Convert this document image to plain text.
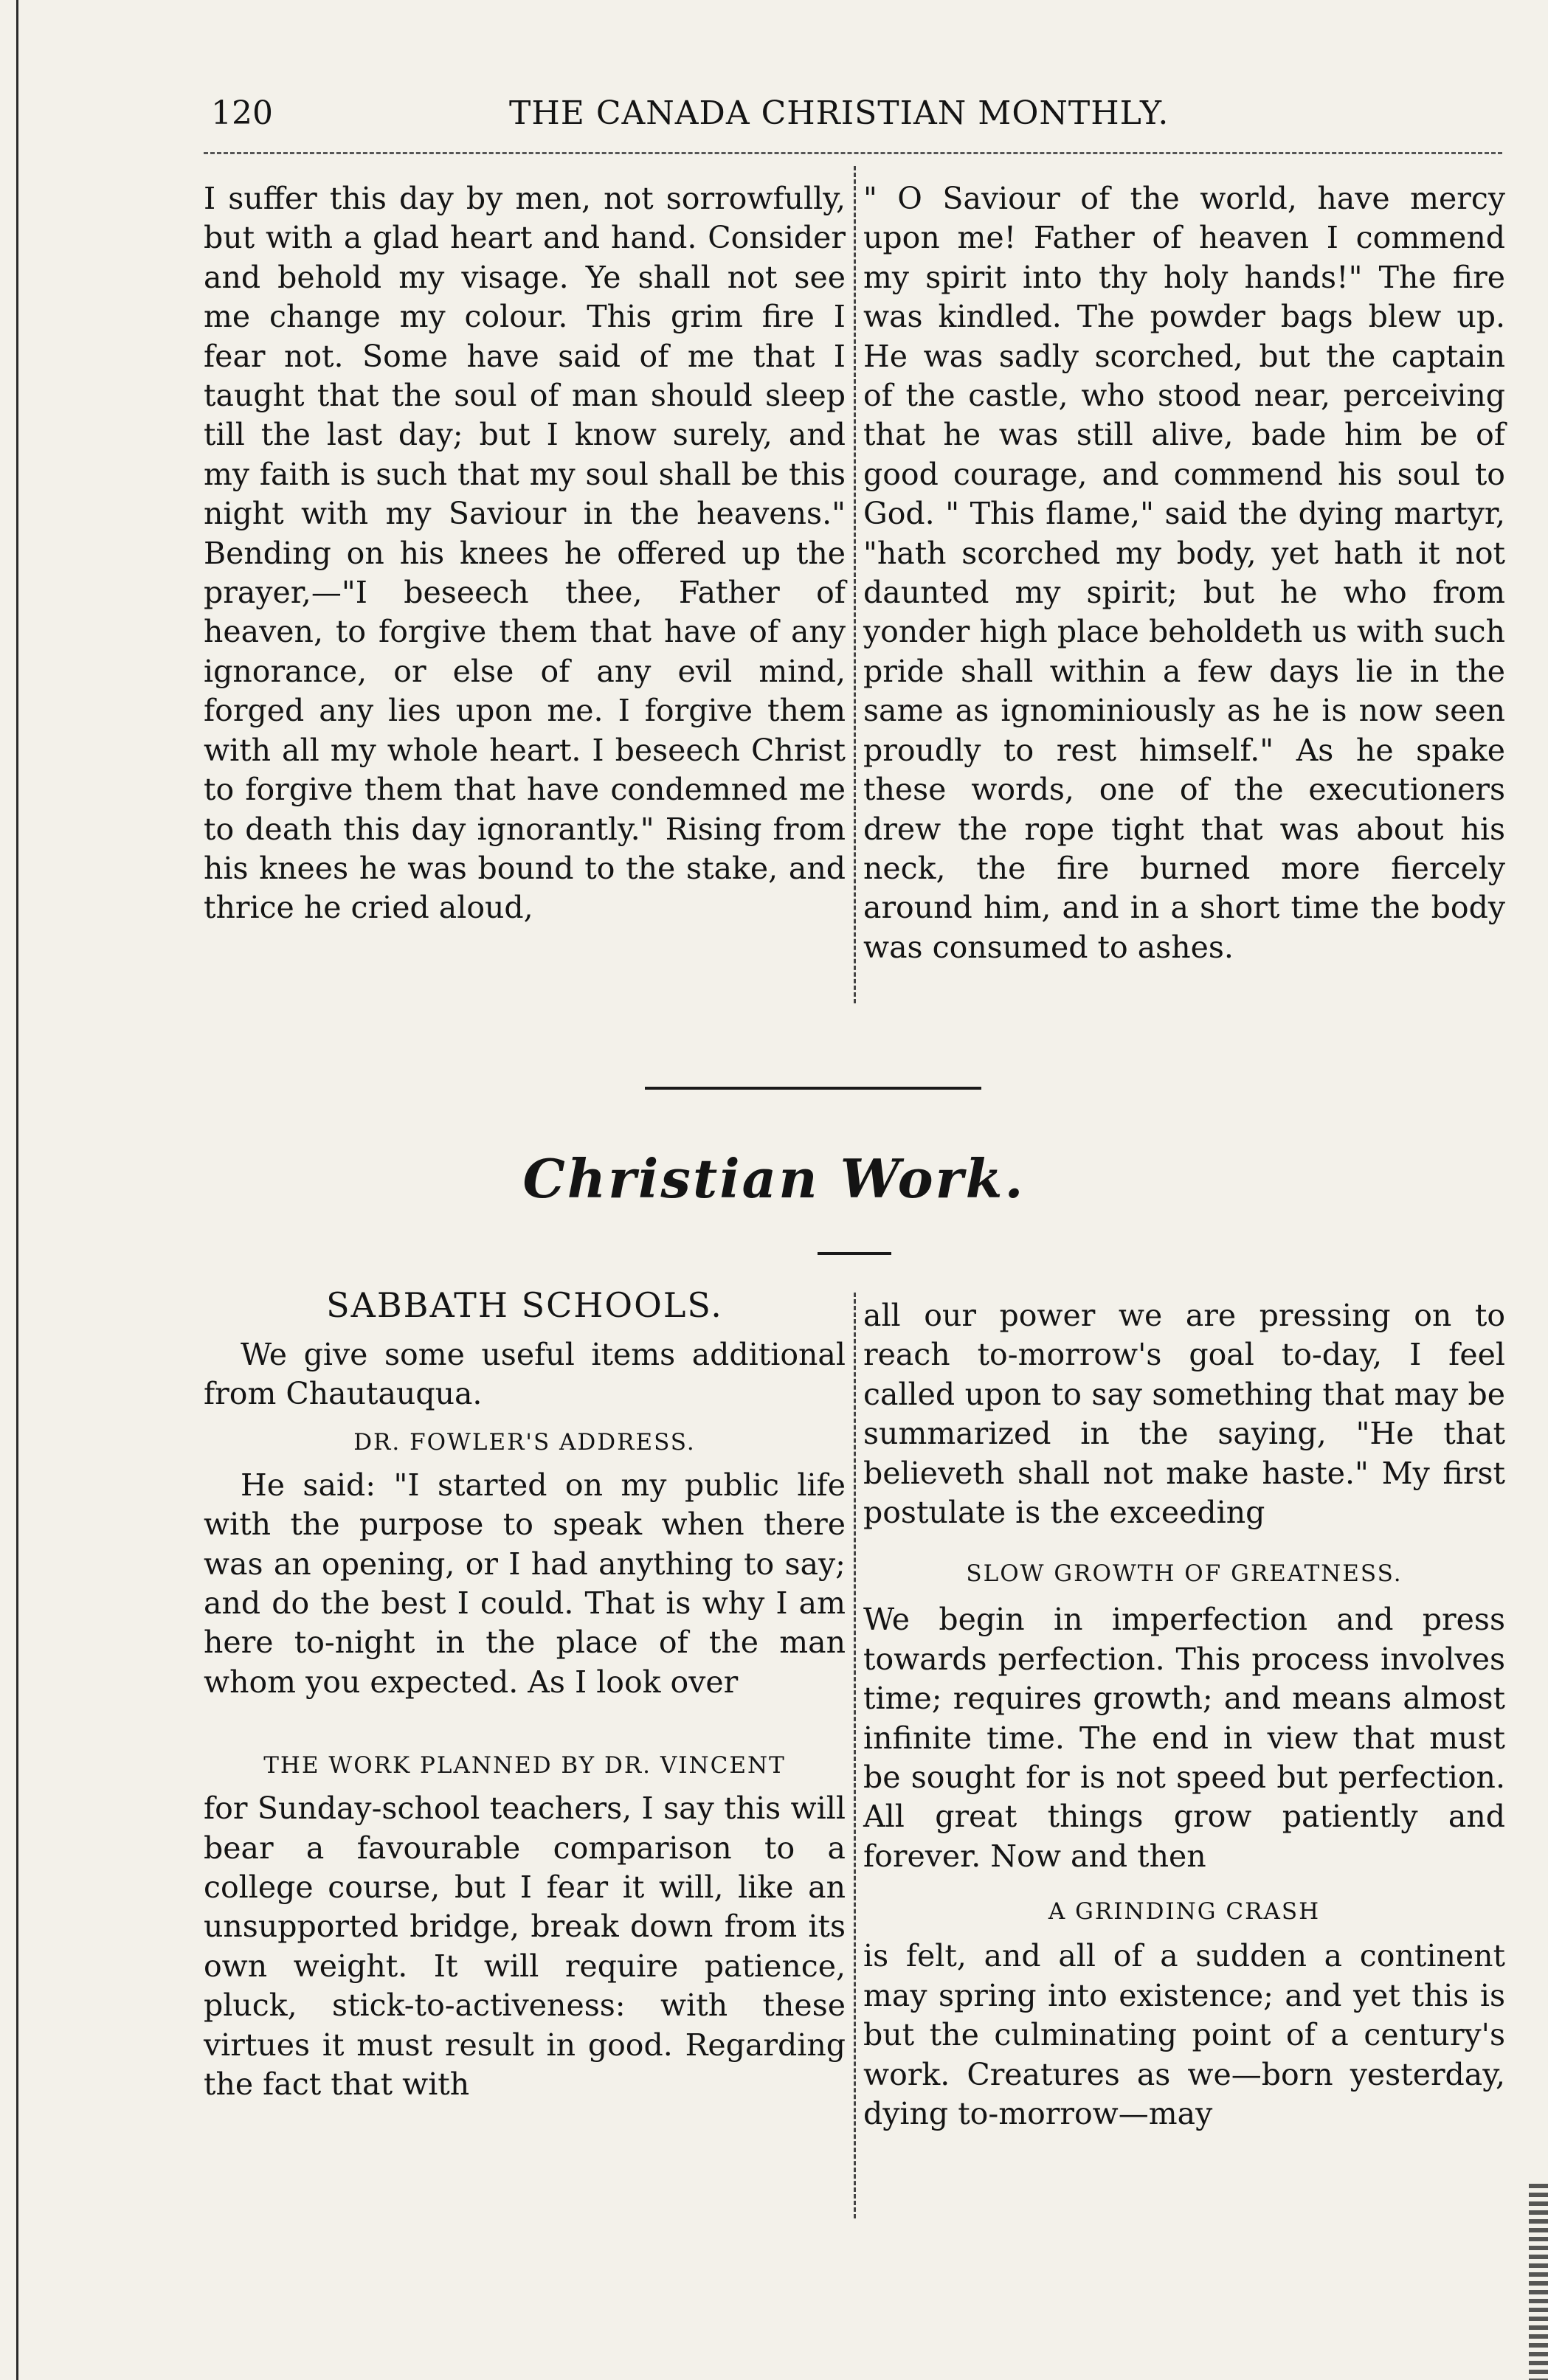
120	THE CANADA CHRISTIAN MONTHLY.

I suffer this day by men, not sorrowfully, but with a glad heart and hand. Consider and behold my visage. Ye shall not see me change my colour. This grim fire I fear not. Some have said of me that I taught that the soul of man should sleep till the last day; but I know surely, and my faith is such that my soul shall be this night with my Saviour in the heavens." Bending on his knees he offered up the prayer,—"I beseech thee, Father of heaven, to forgive them that have of any ignorance, or else of any evil mind, forged any lies upon me. I forgive them with all my whole heart. I beseech Christ to forgive them that have condemned me to death this day ignorantly." Rising from his knees he was bound to the stake, and thrice he cried aloud,

" O Saviour of the world, have mercy upon me! Father of heaven I commend my spirit into thy holy hands!" The fire was kindled. The powder bags blew up. He was sadly scorched, but the captain of the castle, who stood near, perceiving that he was still alive, bade him be of good courage, and commend his soul to God. " This flame," said the dying martyr, "hath scorched my body, yet hath it not daunted my spirit; but he who from yonder high place beholdeth us with such pride shall within a few days lie in the same as ignominiously as he is now seen proudly to rest himself." As he spake these words, one of the executioners drew the rope tight that was about his neck, the fire burned more fiercely around him, and in a short time the body was consumed to ashes.

Christian Work.
SABBATH SCHOOLS.

We give some useful items additional from Chautauqua.

DR. FOWLER'S ADDRESS.

He said: "I started on my public life with the purpose to speak when there was an opening, or I had anything to say; and do the best I could. That is why I am here to-night in the place of the man whom you expected. As I look over

THE WORK PLANNED BY DR. VINCENT

for Sunday-school teachers, I say this will bear a favourable comparison to a college course, but I fear it will, like an unsupported bridge, break down from its own weight. It will require patience, pluck, stick-to-activeness: with these virtues it must result in good. Regarding the fact that with

all our power we are pressing on to reach to-morrow's goal to-day, I feel called upon to say something that may be summarized in the saying, "He that believeth shall not make haste." My first postulate is the exceeding

SLOW GROWTH OF GREATNESS.

We begin in imperfection and press towards perfection. This process involves time; requires growth; and means almost infinite time. The end in view that must be sought for is not speed but perfection. All great things grow patiently and forever. Now and then

A GRINDING CRASH

is felt, and all of a sudden a continent may spring into existence; and yet this is but the culminating point of a century's work. Creatures as we—born yesterday, dying to-morrow—may
